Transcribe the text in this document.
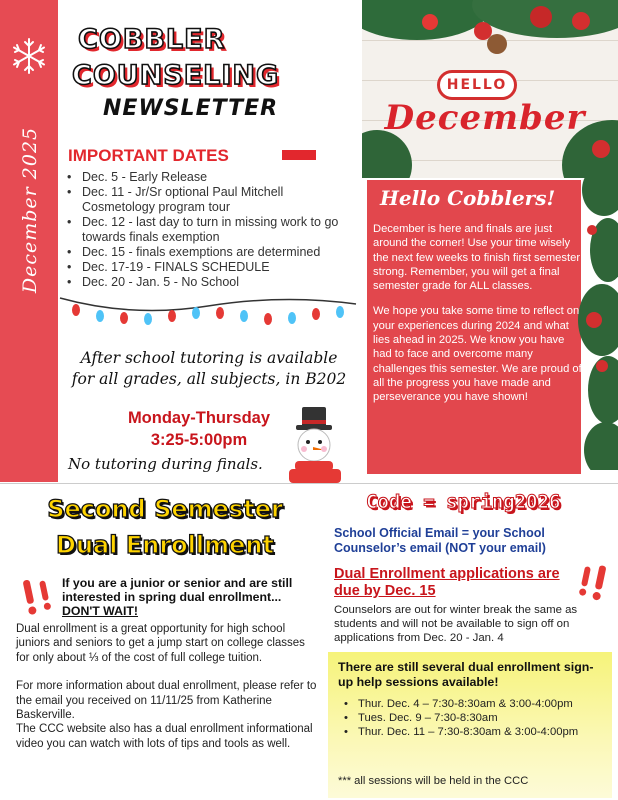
December 2025
COBBLER
COUNSELING
NEWSLETTER
IMPORTANT DATES
• Dec. 5 - Early Release
• Dec. 11 - Jr/Sr optional Paul Mitchell Cosmetology program tour
• Dec. 12 - last day to turn in missing work to go towards finals exemption
• Dec. 15 - finals exemptions are determined
• Dec. 17-19 - FINALS SCHEDULE
• Dec. 20 - Jan. 5 - No School
After school tutoring is available
for all grades, all subjects, in B202
Monday-Thursday
3:25-5:00pm
No tutoring during finals.
HELLO
December
Hello Cobblers!

December is here and finals are just around the corner! Use your time wisely the next few weeks to finish first semester strong. Remember, you will get a final semester grade for ALL classes.

We hope you take some time to reflect on your experiences during 2024 and what lies ahead in 2025. We know you have had to face and overcome many challenges this semester. We are proud of all the progress you have made and perseverance you have shown!

Second Semester
Dual Enrollment
If you are a junior or senior and are still interested in spring dual enrollment... DON'T WAIT!

Dual enrollment is a great opportunity for high school juniors and seniors to get a jump start on college classes for only about ⅓ of the cost of full college tuition.

For more information about dual enrollment, please refer to the email you received on 11/11/25 from Katherine Baskerville.

The CCC website also has a dual enrollment informational video you can watch with lots of tips and tools as well.
Code = spring2026
School Official Email = your School Counselor’s email (NOT your email)
Dual Enrollment applications are due by Dec. 15
Counselors are out for winter break the same as students and will not be available to sign off on applications from Dec. 20 - Jan. 4
There are still several dual enrollment sign-up help sessions available!
• Thur. Dec. 4 – 7:30-8:30am & 3:00-4:00pm
• Tues. Dec. 9 – 7:30-8:30am
• Thur. Dec. 11 – 7:30-8:30am & 3:00-4:00pm
*** all sessions will be held in the CCC
